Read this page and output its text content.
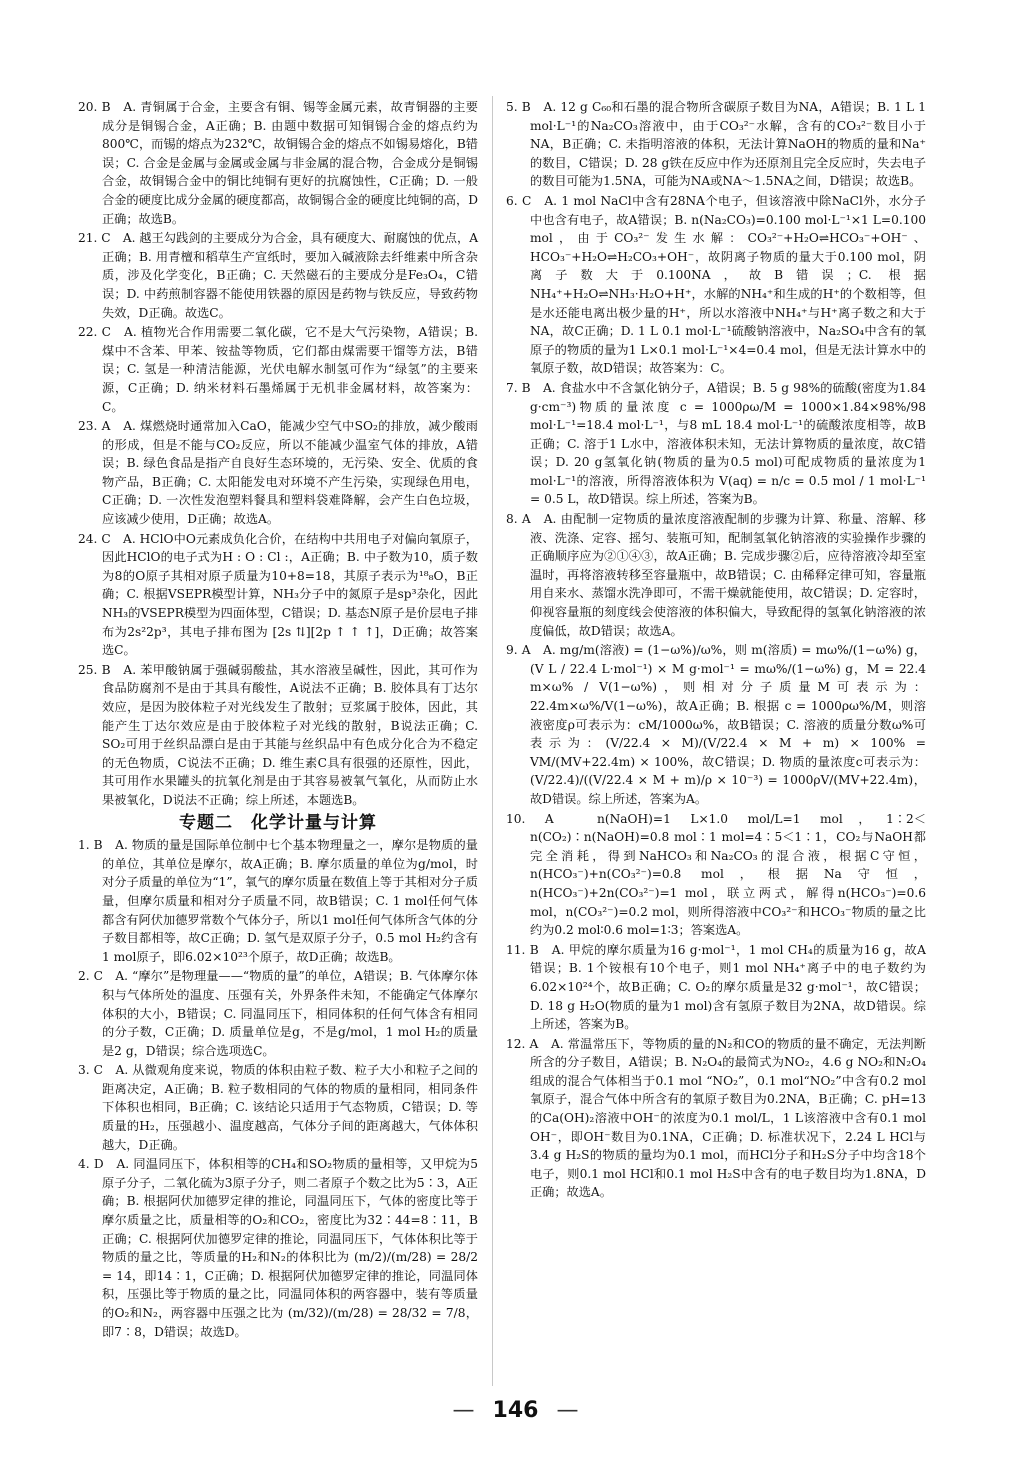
20. B　A. 青铜属于合金，主要含有铜、锡等金属元素，故青铜器的主要成分是铜锡合金，A正确；B. 由题中数据可知铜锡合金的熔点约为800℃，而锡的熔点为232℃，故铜锡合金的熔点不如锡易熔化，B错误；C. 合金是金属与金属或金属与非金属的混合物，合金成分是铜锡合金，故铜锡合金中的铜比纯铜有更好的抗腐蚀性，C正确；D. 一般合金的硬度比成分金属的硬度都高，故铜锡合金的硬度比纯铜的高，D正确；故选B。

21. C　A. 越王勾践剑的主要成分为合金，具有硬度大、耐腐蚀的优点，A正确；B. 用青檀和稻草生产宣纸时，要加入碱液除去纤维素中所含杂质，涉及化学变化，B正确；C. 天然磁石的主要成分是Fe₃O₄，C错误；D. 中药煎制容器不能使用铁器的原因是药物与铁反应，导致药物失效，D正确。故选C。

22. C　A. 植物光合作用需要二氧化碳，它不是大气污染物，A错误；B. 煤中不含苯、甲苯、铵盐等物质，它们都由煤需要干馏等方法，B错误；C. 氢是一种清洁能源，光伏电解水制氢可作为“绿氢”的主要来源，C正确；D. 纳米材料石墨烯属于无机非金属材料，故答案为：C。

23. A　A. 煤燃烧时通常加入CaO，能减少空气中SO₂的排放，减少酸雨的形成，但是不能与CO₂反应，所以不能减少温室气体的排放，A错误；B. 绿色食品是指产自良好生态环境的，无污染、安全、优质的食物产品，B正确；C. 太阳能发电对环境不产生污染，实现绿色用电，C正确；D. 一次性发泡塑料餐具和塑料袋难降解，会产生白色垃圾，应该减少使用，D正确；故选A。

24. C　A. HClO中O元素成负化合价，在结构中共用电子对偏向氧原子，因此HClO的电子式为H : O : Cl :，A正确；B. 中子数为10，质子数为8的O原子其相对原子质量为10+8=18，其原子表示为¹⁸₈O，B正确；C. 根据VSEPR模型计算，NH₃分子中的氮原子是sp³杂化，因此NH₃的VSEPR模型为四面体型，C错误；D. 基态N原子是价层电子排布为2s²2p³，其电子排布图为 [2s ⇅][2p ↑ ↑ ↑]，D正确；故答案选C。

25. B　A. 苯甲酸钠属于强碱弱酸盐，其水溶液呈碱性，因此，其可作为食品防腐剂不是由于其具有酸性，A说法不正确；B. 胶体具有丁达尔效应，是因为胶体粒子对光线发生了散射；豆浆属于胶体，因此，其能产生丁达尔效应是由于胶体粒子对光线的散射，B说法正确；C. SO₂可用于丝织品漂白是由于其能与丝织品中有色成分化合为不稳定的无色物质，C说法不正确；D. 维生素C具有很强的还原性，因此，其可用作水果罐头的抗氧化剂是由于其容易被氧气氧化，从而防止水果被氧化，D说法不正确；综上所述，本题选B。

专题二　化学计量与计算

1. B　A. 物质的量是国际单位制中七个基本物理量之一，摩尔是物质的量的单位，其单位是摩尔，故A正确；B. 摩尔质量的单位为g/mol，时对分子质量的单位为“1”，氧气的摩尔质量在数值上等于其相对分子质量，但摩尔质量和相对分子质量不同，故B错误；C. 1 mol任何气体都含有阿伏加德罗常数个气体分子，所以1 mol任何气体所含气体的分子数目都相等，故C正确；D. 氢气是双原子分子，0.5 mol H₂约含有1 mol原子，即6.02×10²³个原子，故D正确；故选B。

2. C　A. “摩尔”是物理量——“物质的量”的单位，A错误；B. 气体摩尔体积与气体所处的温度、压强有关，外界条件未知，不能确定气体摩尔体积的大小，B错误；C. 同温同压下，相同体积的任何气体含有相同的分子数，C正确；D. 质量单位是g，不是g/mol，1 mol H₂的质量是2 g，D错误；综合选项选C。

3. C　A. 从微观角度来说，物质的体积由粒子数、粒子大小和粒子之间的距离决定，A正确；B. 粒子数相同的气体的物质的量相同，相同条件下体积也相同，B正确；C. 该结论只适用于气态物质，C错误；D. 等质量的H₂，压强越小、温度越高，气体分子间的距离越大，气体体积越大，D正确。

4. D　A. 同温同压下，体积相等的CH₄和SO₂物质的量相等，又甲烷为5原子分子，二氧化硫为3原子分子，则二者原子个数之比为5∶3，A正确；B. 根据阿伏加德罗定律的推论，同温同压下，气体的密度比等于摩尔质量之比，质量相等的O₂和CO₂，密度比为32∶44=8∶11，B正确；C. 根据阿伏加德罗定律的推论，同温同压下，气体体积比等于物质的量之比，等质量的H₂和N₂的体积比为 (m/2)/(m/28) = 28/2 = 14，即14∶1，C正确；D. 根据阿伏加德罗定律的推论，同温同体积，压强比等于物质的量之比，同温同体积的两容器中，装有等质量的O₂和N₂，两容器中压强之比为 (m/32)/(m/28) = 28/32 = 7/8，即7∶8，D错误；故选D。

5. B　A. 12 g C₆₀和石墨的混合物所含碳原子数目为NA，A错误；B. 1 L 1 mol·L⁻¹的Na₂CO₃溶液中，由于CO₃²⁻水解，含有的CO₃²⁻数目小于NA，B正确；C. 未指明溶液的体积，无法计算NaOH的物质的量和Na⁺的数目，C错误；D. 28 g铁在反应中作为还原剂且完全反应时，失去电子的数目可能为1.5NA，可能为NA或NA～1.5NA之间，D错误；故选B。

6. C　A. 1 mol NaCl中含有28NA个电子，但该溶液中除NaCl外，水分子中也含有电子，故A错误；B. n(Na₂CO₃)=0.100 mol·L⁻¹×1 L=0.100 mol，由于CO₃²⁻发生水解：CO₃²⁻+H₂O⇌HCO₃⁻+OH⁻、HCO₃⁻+H₂O⇌H₂CO₃+OH⁻，故阴离子物质的量大于0.100 mol，阴离子数大于0.100NA，故B错误；C. 根据NH₄⁺+H₂O⇌NH₃·H₂O+H⁺，水解的NH₄⁺和生成的H⁺的个数相等，但是水还能电离出极少量的H⁺，所以水溶液中NH₄⁺与H⁺离子数之和大于NA，故C正确；D. 1 L 0.1 mol·L⁻¹硫酸钠溶液中，Na₂SO₄中含有的氧原子的物质的量为1 L×0.1 mol·L⁻¹×4=0.4 mol，但是无法计算水中的氧原子数，故D错误；故答案为：C。

7. B　A. 食盐水中不含氯化钠分子，A错误；B. 5 g 98%的硫酸(密度为1.84 g·cm⁻³)物质的量浓度 c = 1000ρω/M = 1000×1.84×98%/98 mol·L⁻¹=18.4 mol·L⁻¹，与8 mL 18.4 mol·L⁻¹的硫酸浓度相等，故B正确；C. 溶于1 L水中，溶液体积未知，无法计算物质的量浓度，故C错误；D. 20 g氢氧化钠(物质的量为0.5 mol)可配成物质的量浓度为1 mol·L⁻¹的溶液，所得溶液体积为 V(aq) = n/c = 0.5 mol / 1 mol·L⁻¹ = 0.5 L，故D错误。综上所述，答案为B。

8. A　A. 由配制一定物质的量浓度溶液配制的步骤为计算、称量、溶解、移液、洗涤、定容、摇匀、装瓶可知，配制氢氧化钠溶液的实验操作步骤的正确顺序应为②①④③，故A正确；B. 完成步骤②后，应待溶液冷却至室温时，再将溶液转移至容量瓶中，故B错误；C. 由稀释定律可知，容量瓶用自来水、蒸馏水洗净即可，不需干燥就能使用，故C错误；D. 定容时，仰视容量瓶的刻度线会使溶液的体积偏大，导致配得的氢氧化钠溶液的浓度偏低，故D错误；故选A。

9. A　A. mg/m(溶液) = (1−ω%)/ω%，则 m(溶质) = mω%/(1−ω%) g，(V L / 22.4 L·mol⁻¹) × M g·mol⁻¹ = mω%/(1−ω%) g，M = 22.4 m×ω% / V(1−ω%)，则相对分子质量M可表示为：22.4m×ω%/V(1−ω%)，故A正确；B. 根据 c = 1000ρω%/M，则溶液密度ρ可表示为：cM/1000ω%，故B错误；C. 溶液的质量分数ω%可表示为：(V/22.4 × M)/(V/22.4 × M + m) × 100% = VM/(MV+22.4m) × 100%，故C错误；D. 物质的量浓度c可表示为：(V/22.4)/((V/22.4 × M + m)/ρ × 10⁻³) = 1000ρV/(MV+22.4m)，故D错误。综上所述，答案为A。

10. A　n(NaOH)=1 L×1.0 mol/L=1 mol，1∶2＜n(CO₂)∶n(NaOH)=0.8 mol∶1 mol=4∶5＜1∶1，CO₂与NaOH都完全消耗，得到NaHCO₃和Na₂CO₃的混合液，根据C守恒，n(HCO₃⁻)+n(CO₃²⁻)=0.8 mol，根据Na守恒，n(HCO₃⁻)+2n(CO₃²⁻)=1 mol，联立两式，解得n(HCO₃⁻)=0.6 mol，n(CO₃²⁻)=0.2 mol，则所得溶液中CO₃²⁻和HCO₃⁻物质的量之比约为0.2 mol∶0.6 mol=1∶3；答案选A。

11. B　A. 甲烷的摩尔质量为16 g·mol⁻¹，1 mol CH₄的质量为16 g，故A错误；B. 1个铵根有10个电子，则1 mol NH₄⁺离子中的电子数约为6.02×10²⁴个，故B正确；C. O₂的摩尔质量是32 g·mol⁻¹，故C错误；D. 18 g H₂O(物质的量为1 mol)含有氢原子数目为2NA，故D错误。综上所述，答案为B。

12. A　A. 常温常压下，等物质的量的N₂和CO的物质的量不确定，无法判断所含的分子数目，A错误；B. N₂O₄的最简式为NO₂，4.6 g NO₂和N₂O₄组成的混合气体相当于0.1 mol “NO₂”，0.1 mol“NO₂”中含有0.2 mol氧原子，混合气体中所含有的氧原子数目为0.2NA，B正确；C. pH=13的Ca(OH)₂溶液中OH⁻的浓度为0.1 mol/L，1 L该溶液中含有0.1 mol OH⁻，即OH⁻数目为0.1NA，C正确；D. 标准状况下，2.24 L HCl与3.4 g H₂S的物质的量均为0.1 mol，而HCl分子和H₂S分子中均含18个电子，则0.1 mol HCl和0.1 mol H₂S中含有的电子数目均为1.8NA，D正确；故选A。

— 146 —
